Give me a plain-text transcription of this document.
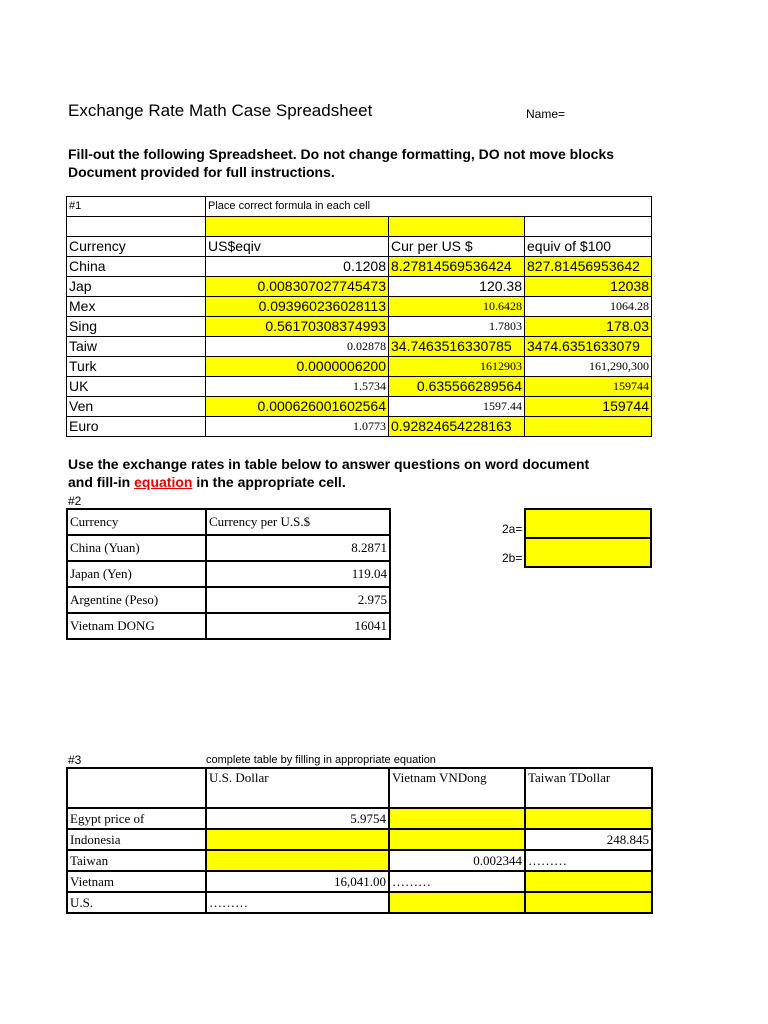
Exchange Rate Math Case Spreadsheet	Name=
Fill-out the following Spreadsheet. Do not change formatting, DO not move blocks
Document provided for full instructions.
#1	Place correct formula in each cell		

Currency	US$eqiv	Cur per US $	equiv of $100
China	0.1208	8.27814569536424	827.81456953642
Jap	0.008307027745473	120.38	12038
Mex	0.093960236028113	10.6428	1064.28
Sing	0.56170308374993	1.7803	178.03
Taiw	0.02878	34.7463516330785	3474.6351633079
Turk	0.0000006200	1612903	161,290,300
UK	1.5734	0.635566289564	159744
Ven	0.000626001602564	1597.44	159744
Euro	1.0773	0.92824654228163	
Use the exchange rates in table below to answer questions on word document
and fill-in equation in the appropriate cell.
#2
Currency	Currency per U.S.$
China (Yuan)	8.2871
Japan (Yen)	119.04
Argentine (Peso)	2.975
Vietnam DONG	16041
2a=
2b=
#3	complete table by filling in appropriate equation
	U.S. Dollar	Vietnam VNDong	Taiwan TDollar
Egypt price of	5.9754		
Indonesia			248.845
Taiwan		0.002344	………
Vietnam	16,041.00	………	
U.S.	………		
